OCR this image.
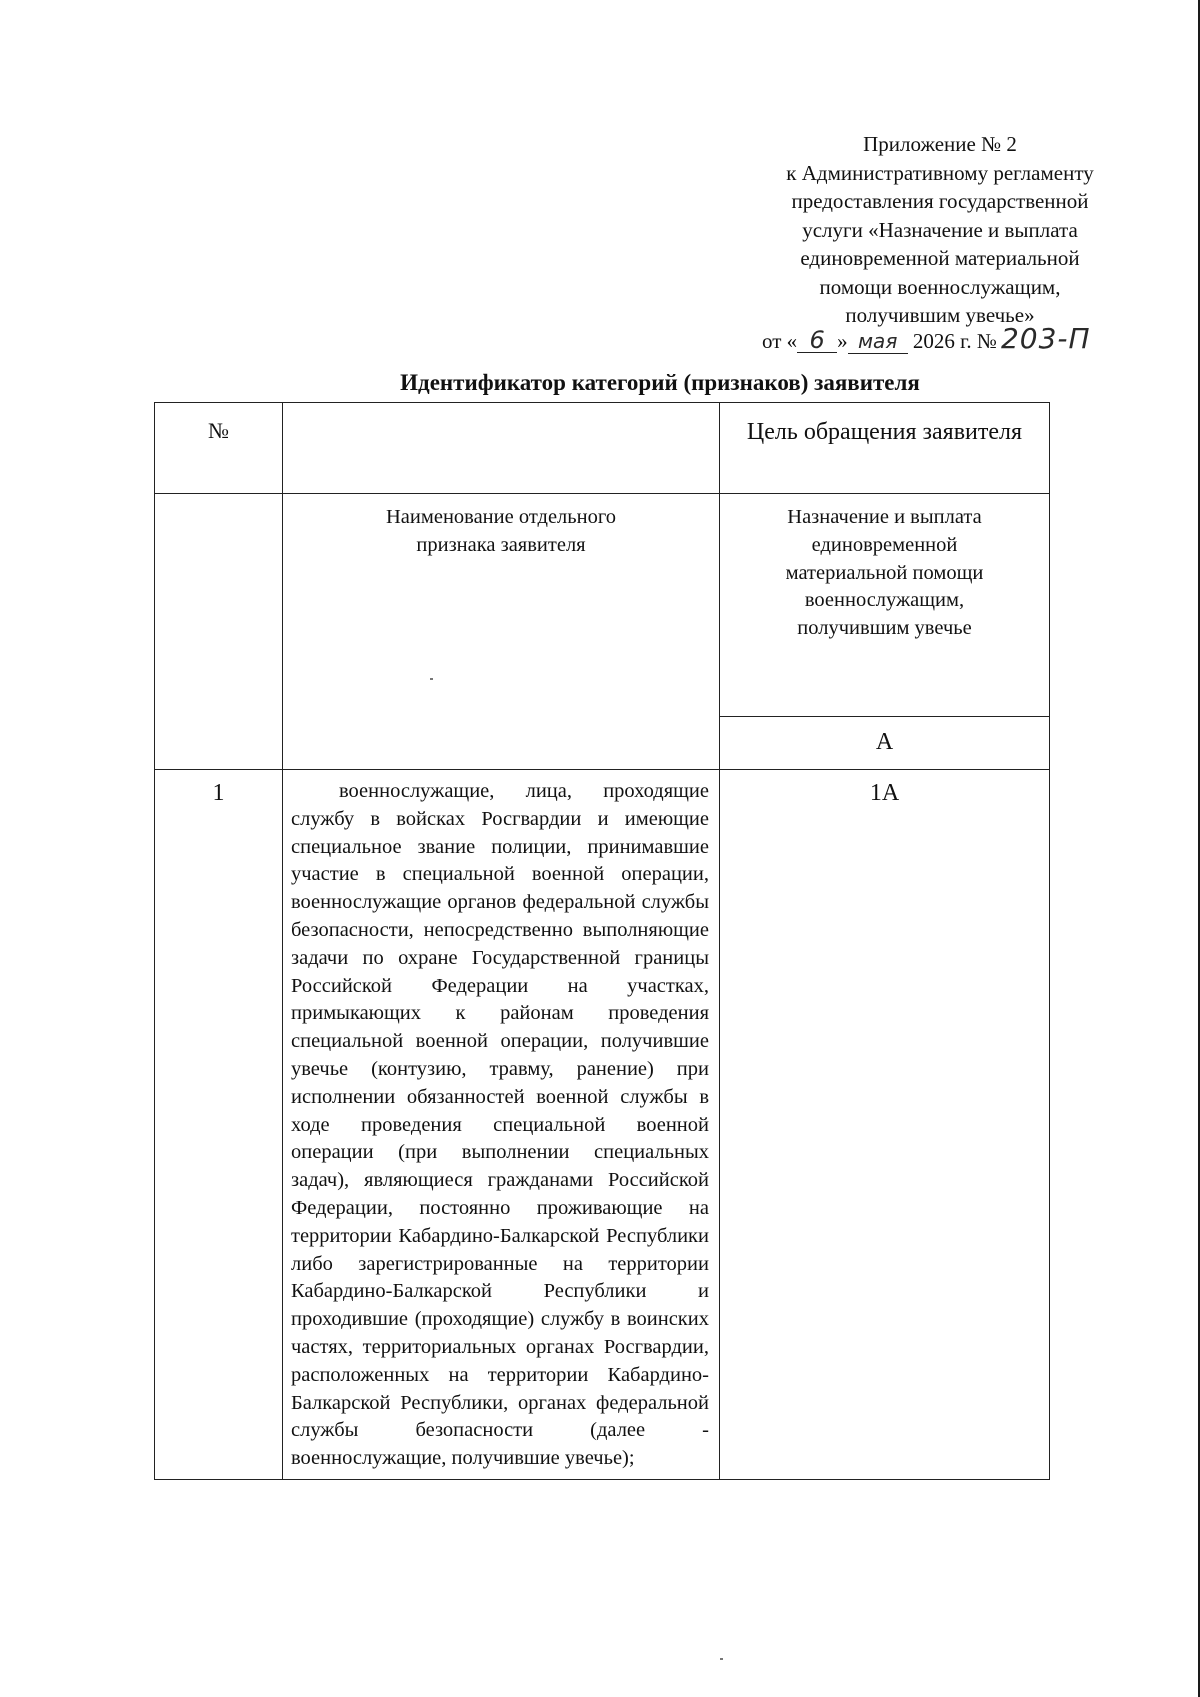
Приложение № 2
к Административному регламенту
предоставления государственной
услуги «Назначение и выплата
единовременной материальной
помощи военнослужащим,
получившим увечье»
от « 6 » мая 2026 г. № 203-П
Идентификатор категорий (признаков) заявителя
№		Цель обращения заявителя
	Наименование отдельного признака заявителя	Назначение и выплата единовременной материальной помощи военнослужащим, получившим увечье
		А
1	военнослужащие, лица, проходящие службу в войсках Росгвардии и имеющие специальное звание полиции, принимавшие участие в специальной военной операции, военнослужащие органов федеральной службы безопасности, непосредственно выполняющие задачи по охране Государственной границы Российской Федерации на участках, примыкающих к районам проведения специальной военной операции, получившие увечье (контузию, травму, ранение) при исполнении обязанностей военной службы в ходе проведения специальной военной операции (при выполнении специальных задач), являющиеся гражданами Российской Федерации, постоянно проживающие на территории Кабардино-Балкарской Республики либо зарегистрированные на территории Кабардино-Балкарской Республики и проходившие (проходящие) службу в воинских частях, территориальных органах Росгвардии, расположенных на территории Кабардино-Балкарской Республики, органах федеральной службы безопасности (далее - военнослужащие, получившие увечье);	1А
